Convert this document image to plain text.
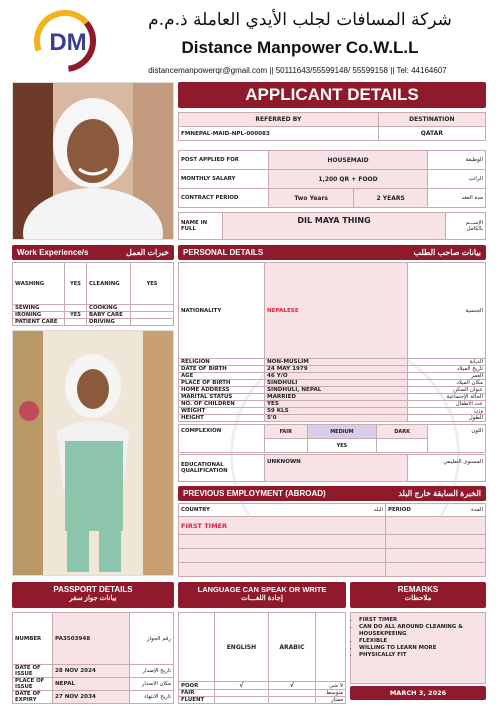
DM
شركة المسافات لجلب الأيدي العاملة ذ.م.م
Distance Manpower Co.W.L.L
distancemanpowerqr@gmail.com || 50111643/55599148/ 55599158 || Tel: 44164607
APPLICANT DETAILS
REFERRED BY	DESTINATION
FMNEPAL-MAID-NPL-000083	QATAR
POST APPLIED FOR	HOUSEMAID		الوظيفة
MONTHLY SALARY	1,200 QR + FOOD		الراتب
CONTRACT PERIOD	Two Years	2 YEARS	مدة العقد
NAME IN FULL	DIL MAYA THING	الإســـم بالكامل
Work Experience/s	خبرات العمل
WASHING	YES	CLEANING	YES
SEWING		COOKING	
IRONING	YES	BABY CARE	
PATIENT CARE		DRIVING	
PERSONAL DETAILS	بيانات صاحب الطلب
NATIONALITY	NEPALESE	الجنسية
RELIGION	NON-MUSLIM	الديانة
DATE OF BIRTH	24 MAY 1979	تاريخ الميلاد
AGE	46 Y/O	العمر
PLACE OF BIRTH	SINDHULI	مكان الميلاد
HOME ADDRESS	SINDHULI, NEPAL	عنوان السكن
MARITAL STATUS	MARRIED	الحالة الإجتماعية
NO. OF CHILDREN	YES	عدد الاطفال
WEIGHT	59 KLS	وزن
HEIGHT	5'0	الطول
COMPLEXION	FAIR	MEDIUM	DARK	اللون
		YES		
EDUCATIONAL QUALIFICATION	UNKNOWN	المستوى التعليمي
PREVIOUS EMPLOYMENT (ABROAD)	الخبرة السابقة خارج البلد
COUNTRY	البلد	PERIOD	المدة
FIRST TIMER			

PASSPORT DETAILS
بيانات جواز سفر
NUMBER	PA3503948	رقم الجواز
DATE OF ISSUE	28 NOV 2024	تاريخ الإصدار
PLACE OF ISSUE	NEPAL	مكان الاصدار
DATE OF EXPIRY	27 NOV 2034	تاريخ الانتهاء
LANGUAGE CAN SPEAK OR WRITE
إجادة اللغـــات
	ENGLISH	ARABIC	
POOR	√	√	لا شي
FAIR			متوسط
FLUENT			ممتاز
REMARKS
ملاحظات
• FIRST TIMER
• CAN DO ALL AROUND CLEANING & HOUSEKPEEING
• FLEXIBLE
• WILLING TO LEARN MORE
• PHYSICALLY FIT
MARCH 3, 2026
